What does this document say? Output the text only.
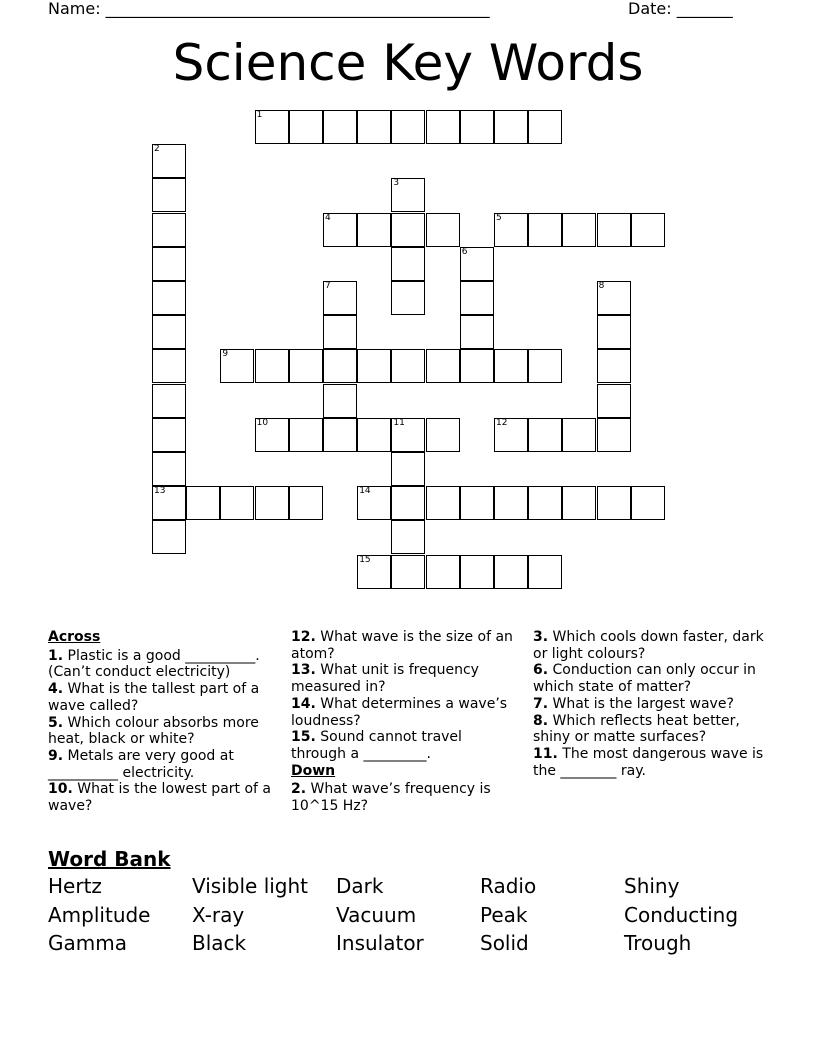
Name: ________________________________________________	Date: _______
Science Key Words
1
2
13
3
4	5
6
7	8
9
10	11	12
14
15
Across
1. Plastic is a good __________. (Can’t conduct electricity)
4. What is the tallest part of a wave called?
5. Which colour absorbs more heat, black or white?
9. Metals are very good at __________ electricity.
10. What is the lowest part of a wave?
12. What wave is the size of an atom?
13. What unit is frequency measured in?
14. What determines a wave’s loudness?
15. Sound cannot travel through a _________.
Down
2. What wave’s frequency is 10^15 Hz?
3. Which cools down faster, dark or light colours?
6. Conduction can only occur in which state of matter?
7. What is the largest wave?
8. Which reflects heat better, shiny or matte surfaces?
11. The most dangerous wave is the ________ ray.
Word Bank
Hertz	Visible light	Dark	Radio	Shiny
Amplitude	X-ray	Vacuum	Peak	Conducting
Gamma	Black	Insulator	Solid	Trough
